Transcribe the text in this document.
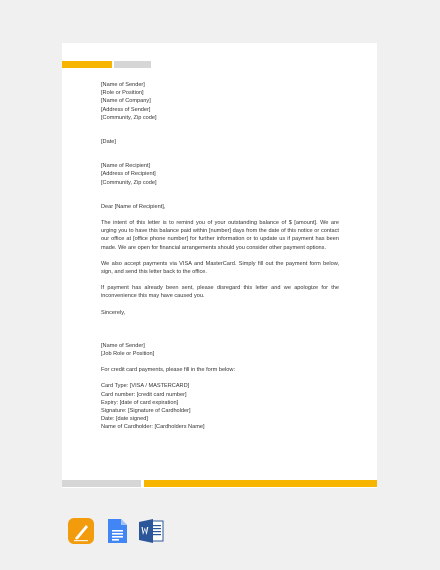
[Name of Sender]
[Role or Position]
[Name of Company]
[Address of Sender]
[Community, Zip code]
[Date]
[Name of Recipient]
[Address of Recipient]
[Community, Zip code]
Dear [Name of Recipient],

The intent of this letter is to remind you of your outstanding balance of $ [amount]. We are urging you to have this balance paid within [number] days from the date of this notice or contact our office at [office phone number] for further information or to update us if payment has been made. We are open for financial arrangements should you consider other payment options.

We also accept payments via VISA and MasterCard. Simply fill out the payment form below, sign, and send this letter back to the office.

If payment has already been sent, please disregard this letter and we apologize for the inconvenience this may have caused you.

Sincerely,
[Name of Sender]
[Job Role or Position]
For credit card payments, please fill in the form below:
Card Type: [VISA / MASTERCARD]
Card number: [credit card number]
Expiry: [date of card expiration]
Signature: [Signature of Cardholder]
Date: [date signed]
Name of Cardholder: [Cardholders Name]
